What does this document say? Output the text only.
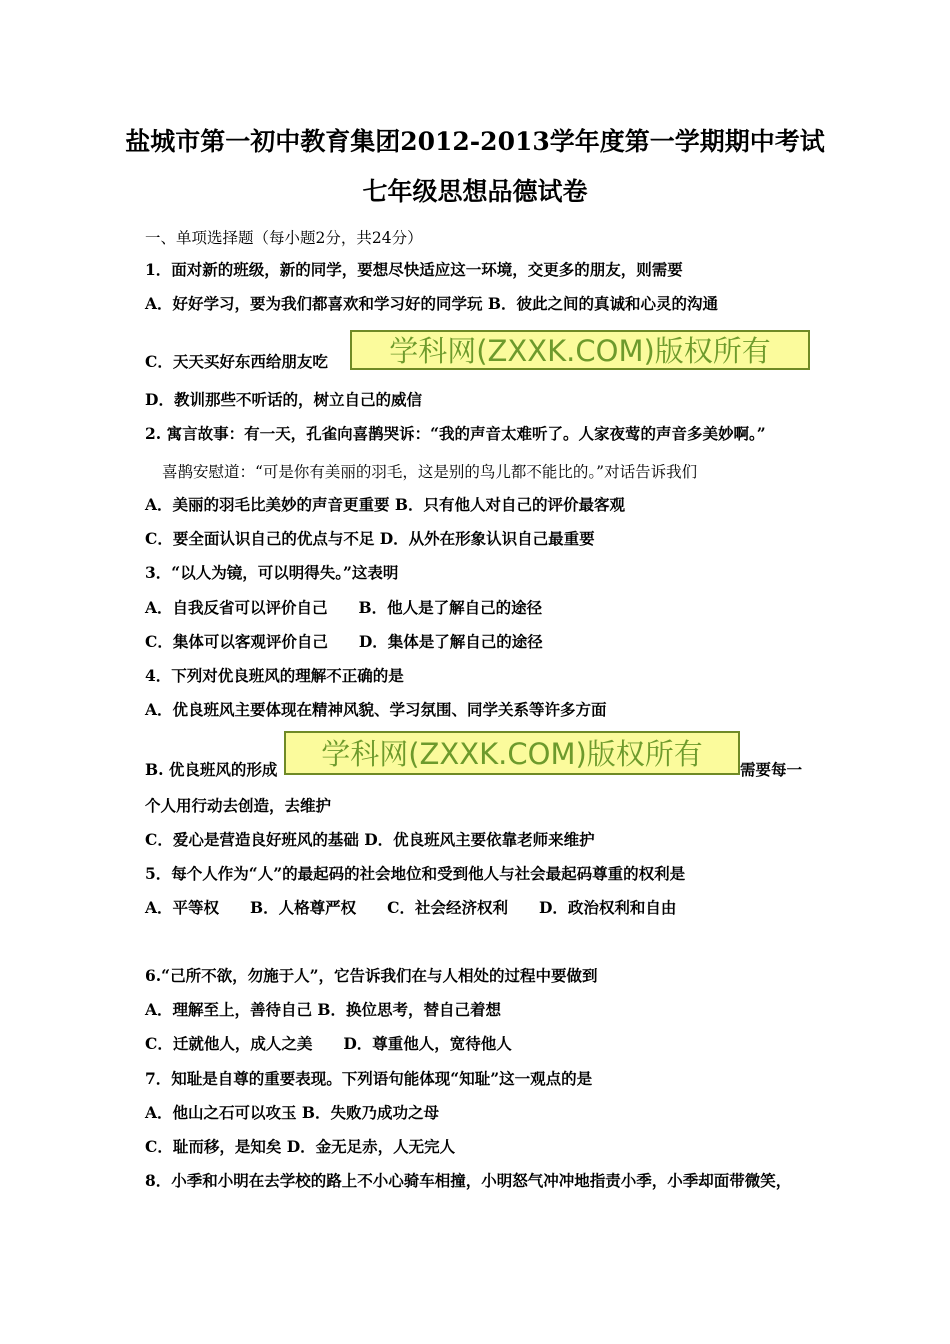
盐城市第一初中教育集团2012-2013学年度第一学期期中考试
七年级思想品德试卷
一、单项选择题（每小题2分，共24分）
1．面对新的班级，新的同学，要想尽快适应这一环境，交更多的朋友，则需要
A．好好学习，要为我们都喜欢和学习好的同学玩 B．彼此之间的真诚和心灵的沟通
C．天天买好东西给朋友吃	学科网(ZXXK.COM)版权所有
D．教训那些不听话的，树立自己的威信
2. 寓言故事：有一天，孔雀向喜鹊哭诉：“我的声音太难听了。人家夜莺的声音多美妙啊。”
喜鹊安慰道：“可是你有美丽的羽毛，这是别的鸟儿都不能比的。”对话告诉我们
A．美丽的羽毛比美妙的声音更重要 B．只有他人对自己的评价最客观
C．要全面认识自己的优点与不足 D．从外在形象认识自己最重要
3．“以人为镜，可以明得失。”这表明
A．自我反省可以评价自己　　B．他人是了解自己的途径
C．集体可以客观评价自己　　D．集体是了解自己的途径
4．下列对优良班风的理解不正确的是
A．优良班风主要体现在精神风貌、学习氛围、同学关系等许多方面
B. 优良班风的形成	学科网(ZXXK.COM)版权所有	需要每一
个人用行动去创造，去维护
C．爱心是营造良好班风的基础 D．优良班风主要依靠老师来维护
5．每个人作为“人”的最起码的社会地位和受到他人与社会最起码尊重的权利是
A．平等权　　B．人格尊严权　　C．社会经济权利　　D．政治权利和自由
6.“己所不欲，勿施于人”，它告诉我们在与人相处的过程中要做到
A．理解至上，善待自己 B．换位思考，替自己着想
C．迁就他人，成人之美　　D．尊重他人，宽待他人
7．知耻是自尊的重要表现。下列语句能体现“知耻”这一观点的是
A．他山之石可以攻玉 B．失败乃成功之母
C．耻而移，是知矣 D．金无足赤，人无完人
8．小季和小明在去学校的路上不小心骑车相撞，小明怒气冲冲地指责小季，小季却面带微笑，
